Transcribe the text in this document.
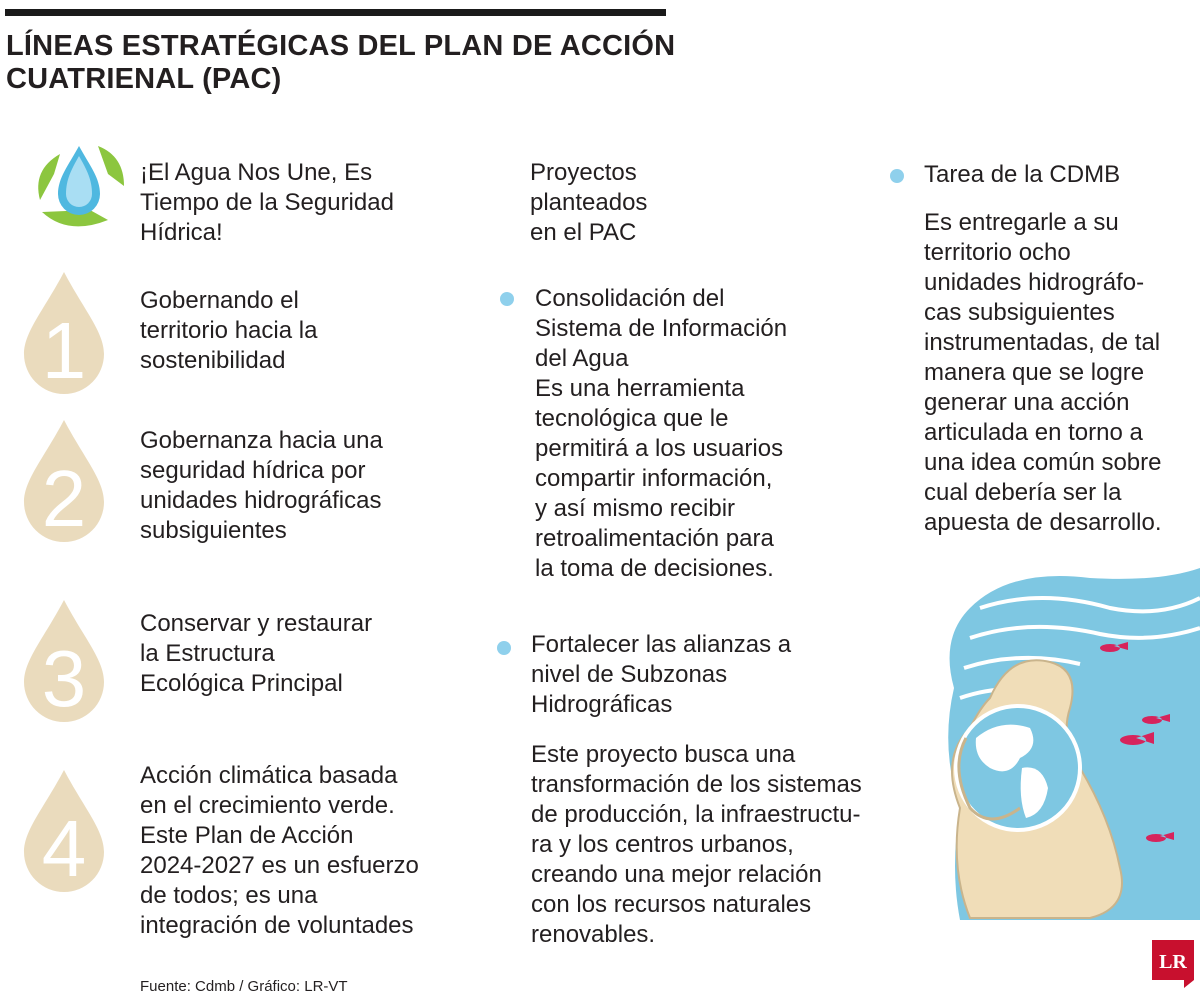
LÍNEAS ESTRATÉGICAS DEL PLAN DE ACCIÓN
CUATRIENAL (PAC)
¡El Agua Nos Une, Es
Tiempo de la Seguridad
Hídrica!
1
Gobernando el
territorio hacia la
sostenibilidad
2
Gobernanza hacia una
seguridad hídrica por
unidades hidrográficas
subsiguientes
3
Conservar y restaurar
la Estructura
Ecológica Principal
4
Acción climática basada
en el crecimiento verde.
Este Plan de Acción
2024-2027 es un esfuerzo
de todos; es una
integración de voluntades
Fuente: Cdmb / Gráfico: LR-VT
Proyectos
planteados
en el PAC
Consolidación del
Sistema de Información
del Agua
Es una herramienta
tecnológica que le
permitirá a los usuarios
compartir información,
y así mismo recibir
retroalimentación para
la toma de decisiones.
Fortalecer las alianzas a
nivel de Subzonas
Hidrográficas
Este proyecto busca una
transformación de los sistemas
de producción, la infraestructu-
ra y los centros urbanos,
creando una mejor relación
con los recursos naturales
renovables.
Tarea de la CDMB
Es entregarle a su
territorio ocho
unidades hidrográfo-
cas subsiguientes
instrumentadas, de tal
manera que se logre
generar una acción
articulada en torno a
una idea común sobre
cual debería ser la
apuesta de desarrollo.
LR
